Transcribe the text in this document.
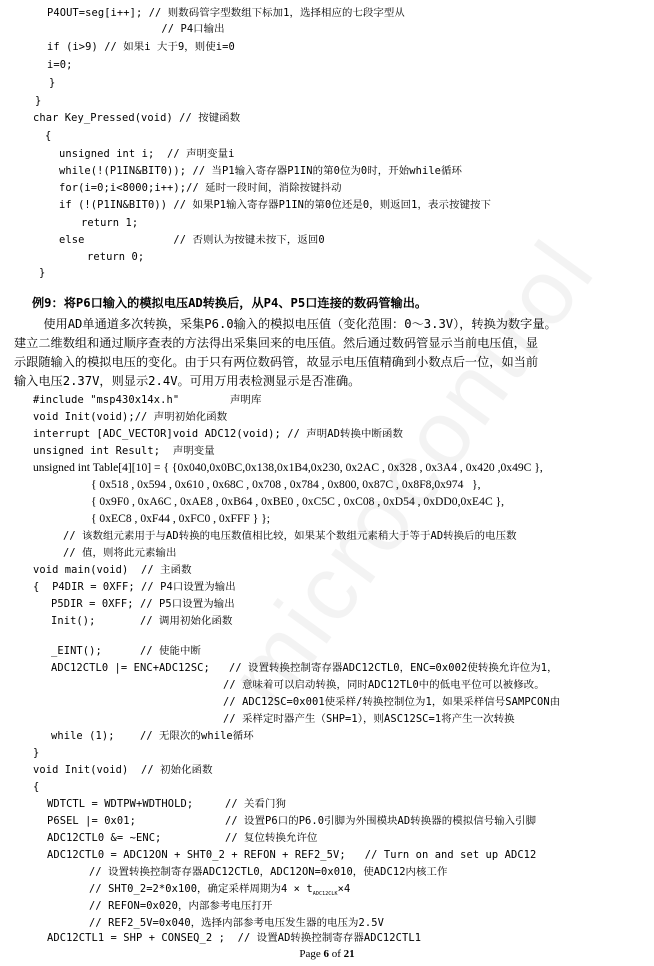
P4OUT=seg[i++]; // 则数码管字型数组下标加1，选择相应的七段字型从
// P4口输出
if (i>9) // 如果i 大于9，则使i=0
i=0;
}
}
char Key_Pressed(void) // 按键函数
{
unsigned int i;  // 声明变量i
while(!(P1IN&BIT0)); // 当P1输入寄存器P1IN的第0位为0时，开始while循环
for(i=0;i<8000;i++);// 延时一段时间，消除按键抖动
if (!(P1IN&BIT0)) // 如果P1输入寄存器P1IN的第0位还是0，则返回1，表示按键按下
return 1;
else              // 否则认为按键未按下，返回0
return 0;
}
例9：将P6口输入的模拟电压AD转换后，从P4、P5口连接的数码管输出。
使用AD单通道多次转换，采集P6.0输入的模拟电压值（变化范围：0～3.3V），转换为数字量。
建立二维数组和通过顺序查表的方法得出采集回来的电压值。然后通过数码管显示当前电压值，显
示跟随输入的模拟电压的变化。由于只有两位数码管，故显示电压值精确到小数点后一位，如当前
输入电压2.37V，则显示2.4V。可用万用表检测显示是否准确。
#include "msp430x14x.h"        声明库
void Init(void);// 声明初始化函数
interrupt [ADC_VECTOR]void ADC12(void); // 声明AD转换中断函数
unsigned int Result;  声明变量
unsigned int Table[4][10] = { {0x040,0x0BC,0x138,0x1B4,0x230, 0x2AC , 0x328 , 0x3A4 , 0x420 ,0x49C },
{ 0x518 , 0x594 , 0x610 , 0x68C , 0x708 , 0x784 , 0x800, 0x87C , 0x8F8,0x974   },
{ 0x9F0 , 0xA6C , 0xAE8 , 0xB64 , 0xBE0 , 0xC5C , 0xC08 , 0xD54 , 0xDD0,0xE4C },
{ 0xEC8 , 0xF44 , 0xFC0 , 0xFFF } };
// 该数组元素用于与AD转换的电压数值相比较，如果某个数组元素稍大于等于AD转换后的电压数
// 值，则将此元素输出
void main(void)  // 主函数
{  P4DIR = 0XFF; // P4口设置为输出
P5DIR = 0XFF; // P5口设置为输出
Init();       // 调用初始化函数
_EINT();      // 使能中断
ADC12CTL0 |= ENC+ADC12SC;   // 设置转换控制寄存器ADC12CTL0，ENC=0x002使转换允许位为1，
// 意味着可以启动转换，同时ADC12TL0中的低电平位可以被修改。
// ADC12SC=0x001使采样/转换控制位为1，如果采样信号SAMPCON由
// 采样定时器产生（SHP=1），则ASC12SC=1将产生一次转换
while (1);    // 无限次的while循环
}
void Init(void)  // 初始化函数
{
WDTCTL = WDTPW+WDTHOLD;     // 关看门狗
P6SEL |= 0x01;              // 设置P6口的P6.0引脚为外围模块AD转换器的模拟信号输入引脚
ADC12CTL0 &= ~ENC;          // 复位转换允许位
ADC12CTL0 = ADC12ON + SHT0_2 + REFON + REF2_5V;   // Turn on and set up ADC12
// 设置转换控制寄存器ADC12CTL0，ADC12ON=0x010，使ADC12内核工作
// SHT0_2=2*0x100，确定采样周期为$4 \times t_{ADC12CLK}\times 4$
// REFON=0x020，内部参考电压打开
// REF2_5V=0x040，选择内部参考电压发生器的电压为2.5V
ADC12CTL1 = SHP + CONSEQ_2 ;  // 设置AD转换控制寄存器ADC12CTL1
Page 6 of 21
